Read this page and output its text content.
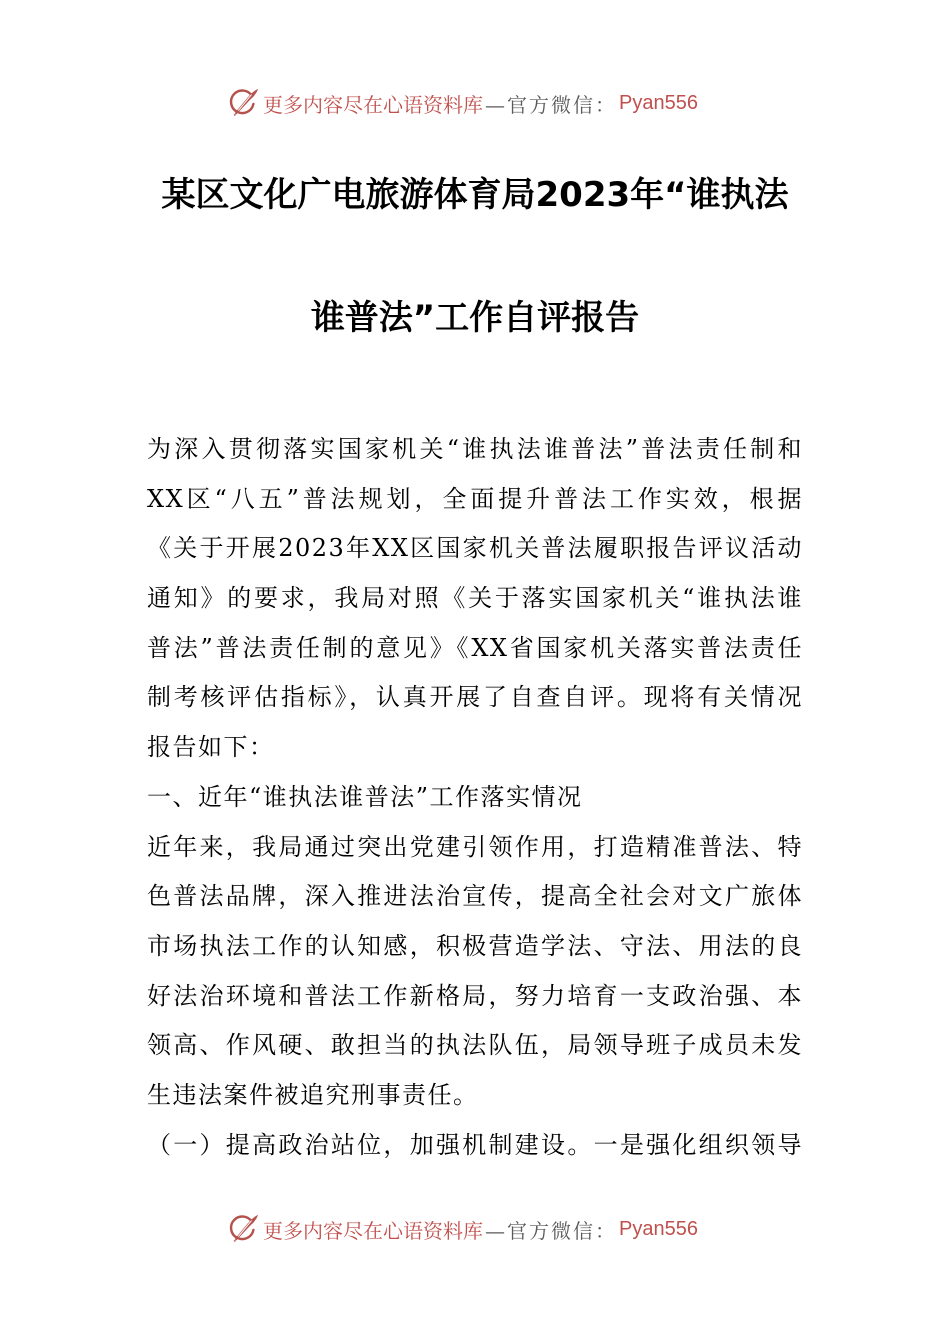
更多内容尽在心语资料库 —官方微信： Pyan556
某区文化广电旅游体育局2023年“谁执法
谁普法”工作自评报告
为深入贯彻落实国家机关“谁执法谁普法”普法责任制和
XX区“八五”普法规划，全面提升普法工作实效，根据
《关于开展2023年XX区国家机关普法履职报告评议活动
通知》的要求，我局对照《关于落实国家机关“谁执法谁
普法”普法责任制的意见》《XX省国家机关落实普法责任
制考核评估指标》，认真开展了自查自评。现将有关情况
报告如下：
一、近年“谁执法谁普法”工作落实情况
近年来，我局通过突出党建引领作用，打造精准普法、特
色普法品牌，深入推进法治宣传，提高全社会对文广旅体
市场执法工作的认知感，积极营造学法、守法、用法的良
好法治环境和普法工作新格局，努力培育一支政治强、本
领高、作风硬、敢担当的执法队伍，局领导班子成员未发
生违法案件被追究刑事责任。
（一）提高政治站位，加强机制建设。一是强化组织领导
更多内容尽在心语资料库 —官方微信： Pyan556
